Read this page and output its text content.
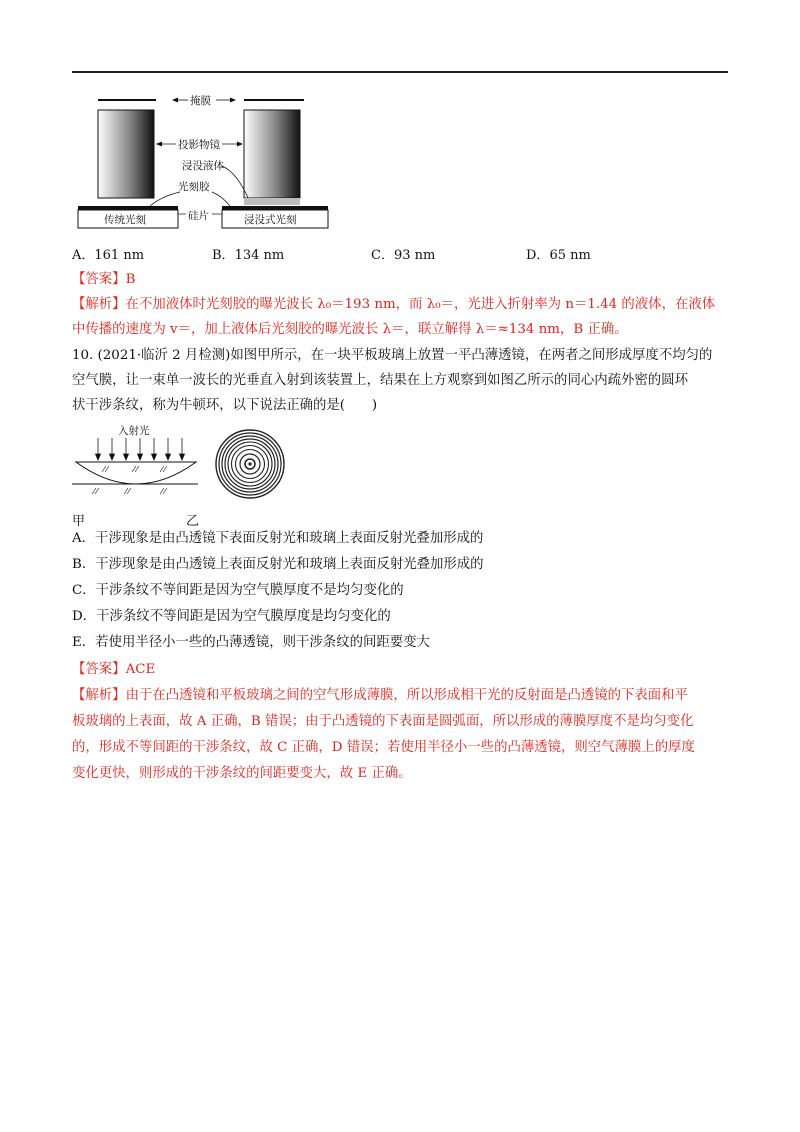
掩膜
投影物镜
浸没液体
光刻胶
传统光刻	浸没式光刻
硅片
A．161 nm	B．134 nm	C．93 nm	D．65 nm
【答案】B
【解析】在不加液体时光刻胶的曝光波长 λ₀＝193 nm，而 λ₀＝，光进入折射率为 n＝1.44 的液体，在液体
中传播的速度为 v＝，加上液体后光刻胶的曝光波长 λ＝，联立解得 λ＝≈134 nm，B 正确。
10. (2021·临沂 2 月检测)如图甲所示，在一块平板玻璃上放置一平凸薄透镜，在两者之间形成厚度不均匀的
空气膜，让一束单一波长的光垂直入射到该装置上，结果在上方观察到如图乙所示的同心内疏外密的圆环
状干涉条纹，称为牛顿环，以下说法正确的是(　　)
入射光
甲	乙
A．干涉现象是由凸透镜下表面反射光和玻璃上表面反射光叠加形成的
B．干涉现象是由凸透镜上表面反射光和玻璃上表面反射光叠加形成的
C．干涉条纹不等间距是因为空气膜厚度不是均匀变化的
D．干涉条纹不等间距是因为空气膜厚度是均匀变化的
E．若使用半径小一些的凸薄透镜，则干涉条纹的间距要变大
【答案】ACE
【解析】由于在凸透镜和平板玻璃之间的空气形成薄膜，所以形成相干光的反射面是凸透镜的下表面和平
板玻璃的上表面，故 A 正确，B 错误；由于凸透镜的下表面是圆弧面，所以形成的薄膜厚度不是均匀变化
的，形成不等间距的干涉条纹，故 C 正确，D 错误；若使用半径小一些的凸薄透镜，则空气薄膜上的厚度
变化更快，则形成的干涉条纹的间距要变大，故 E 正确。
